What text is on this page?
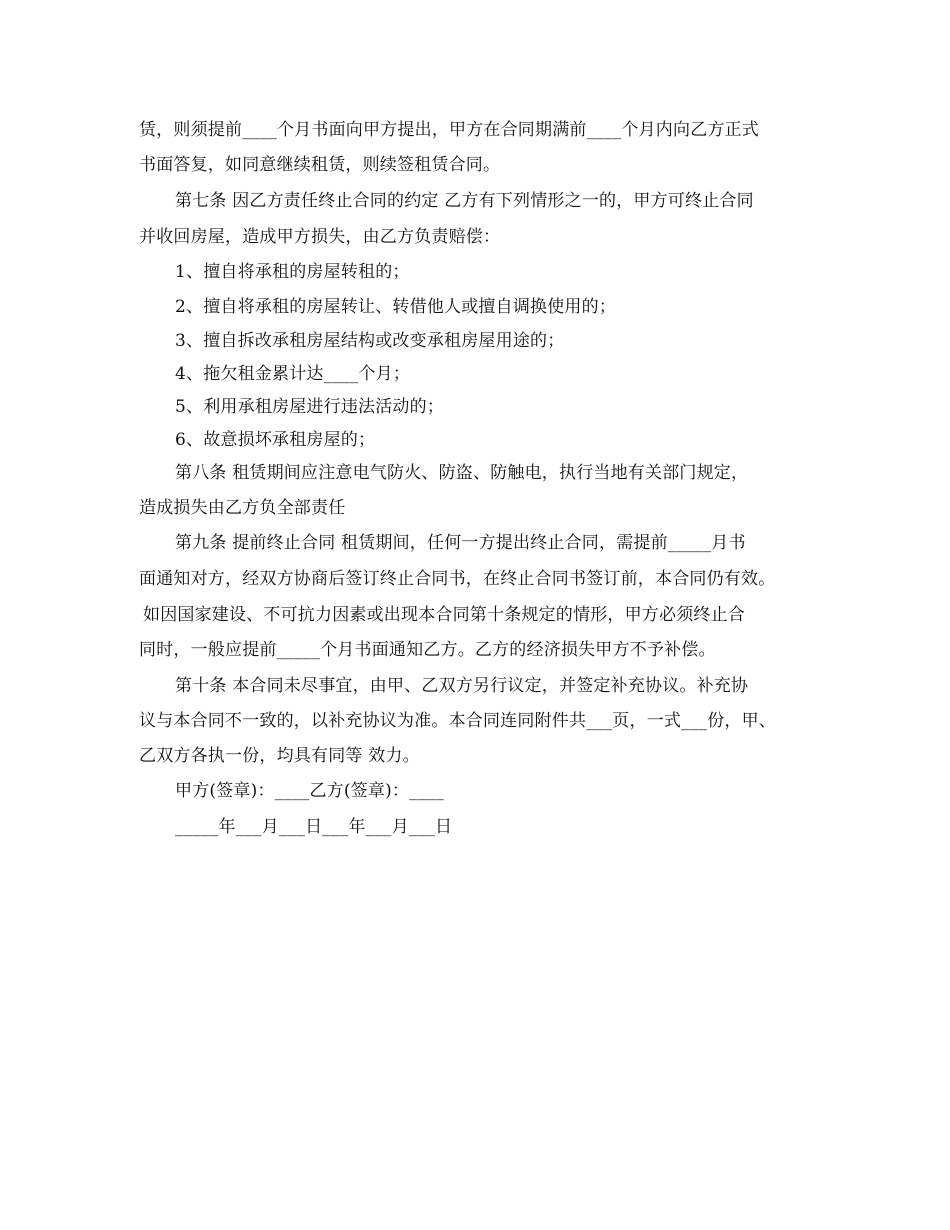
赁，则须提前____个月书面向甲方提出，甲方在合同期满前____个月内向乙方正式
书面答复，如同意继续租赁，则续签租赁合同。
第七条 因乙方责任终止合同的约定 乙方有下列情形之一的，甲方可终止合同
并收回房屋，造成甲方损失，由乙方负责赔偿：
1、擅自将承租的房屋转租的；
2、擅自将承租的房屋转让、转借他人或擅自调换使用的；
3、擅自拆改承租房屋结构或改变承租房屋用途的；
4、拖欠租金累计达____个月；
5、利用承租房屋进行违法活动的；
6、故意损坏承租房屋的；
第八条 租赁期间应注意电气防火、防盗、防触电，执行当地有关部门规定，
造成损失由乙方负全部责任
第九条 提前终止合同 租赁期间，任何一方提出终止合同，需提前_____月书
面通知对方，经双方协商后签订终止合同书，在终止合同书签订前，本合同仍有效。
如因国家建设、不可抗力因素或出现本合同第十条规定的情形，甲方必须终止合
同时，一般应提前_____个月书面通知乙方。乙方的经济损失甲方不予补偿。
第十条 本合同未尽事宜，由甲、乙双方另行议定，并签定补充协议。补充协
议与本合同不一致的，以补充协议为准。本合同连同附件共___页，一式___份，甲、
乙双方各执一份，均具有同等 效力。
甲方(签章)：____乙方(签章)：____
_____年___月___日___年___月___日
